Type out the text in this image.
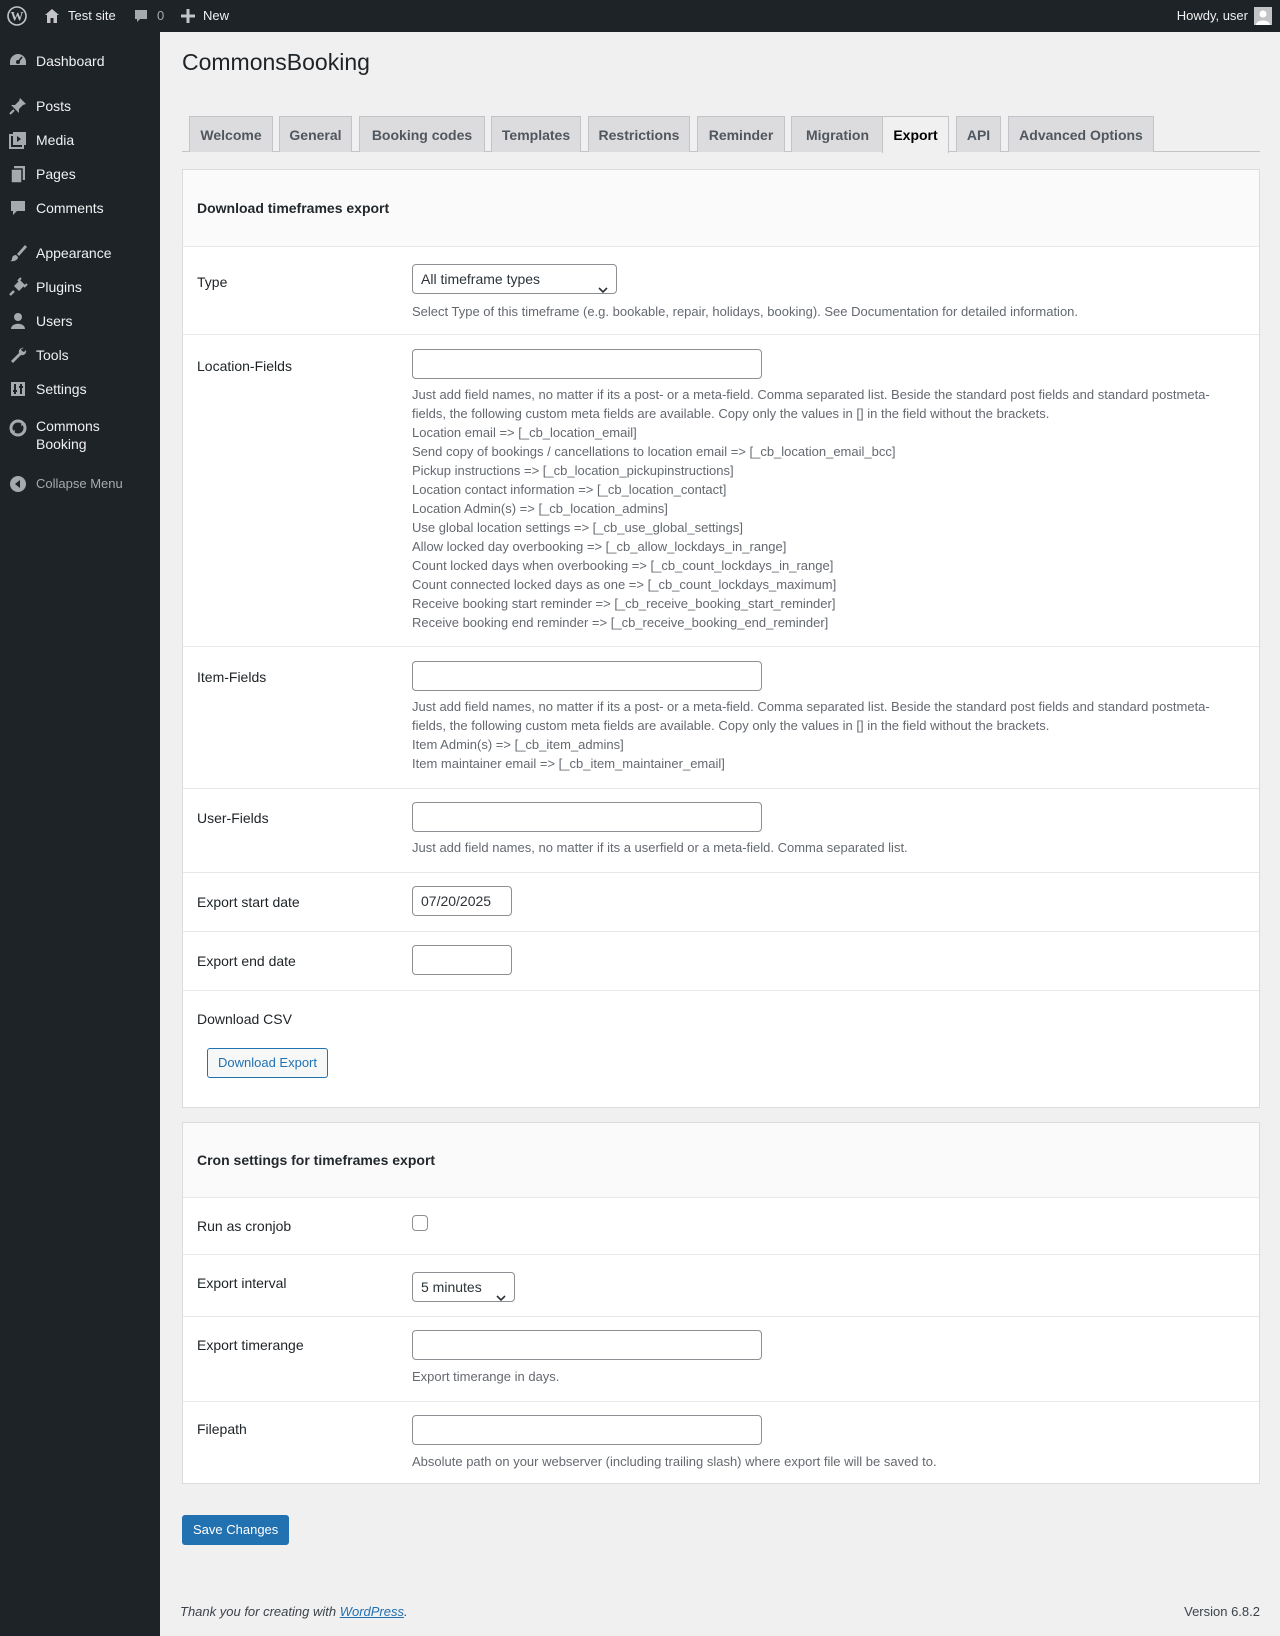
W	Test site	0	New	Howdy, user
Dashboard
Posts
Media
Pages
Comments
Appearance
Plugins
Users
Tools
Settings
Commons Booking
Collapse Menu
CommonsBooking
Welcome	General	Booking codes	Templates	Restrictions	Reminder	Migration	Export	API	Advanced Options
Download timeframes export
Type	All timeframe types
Select Type of this timeframe (e.g. bookable, repair, holidays, booking). See Documentation for detailed information.
Location-Fields

Just add field names, no matter if its a post- or a meta-field. Comma separated list. Beside the standard post fields and standard postmeta-fields, the following custom meta fields are available. Copy only the values in [] in the field without the brackets.

Location email => [_cb_location_email]

Send copy of bookings / cancellations to location email => [_cb_location_email_bcc]

Pickup instructions => [_cb_location_pickupinstructions]

Location contact information => [_cb_location_contact]

Location Admin(s) => [_cb_location_admins]

Use global location settings => [_cb_use_global_settings]

Allow locked day overbooking => [_cb_allow_lockdays_in_range]

Count locked days when overbooking => [_cb_count_lockdays_in_range]

Count connected locked days as one => [_cb_count_lockdays_maximum]

Receive booking start reminder => [_cb_receive_booking_start_reminder]

Receive booking end reminder => [_cb_receive_booking_end_reminder]

Item-Fields

Just add field names, no matter if its a post- or a meta-field. Comma separated list. Beside the standard post fields and standard postmeta-fields, the following custom meta fields are available. Copy only the values in [] in the field without the brackets.

Item Admin(s) => [_cb_item_admins]

Item maintainer email => [_cb_item_maintainer_email]

User-Fields
Just add field names, no matter if its a userfield or a meta-field. Comma separated list.
Export start date	07/20/2025
Export end date
Download CSV
Download Export
Cron settings for timeframes export
Run as cronjob
Export interval	5 minutes
Export timerange
Export timerange in days.
Filepath
Absolute path on your webserver (including trailing slash) where export file will be saved to.
Save Changes
Thank you for creating with WordPress.	Version 6.8.2
